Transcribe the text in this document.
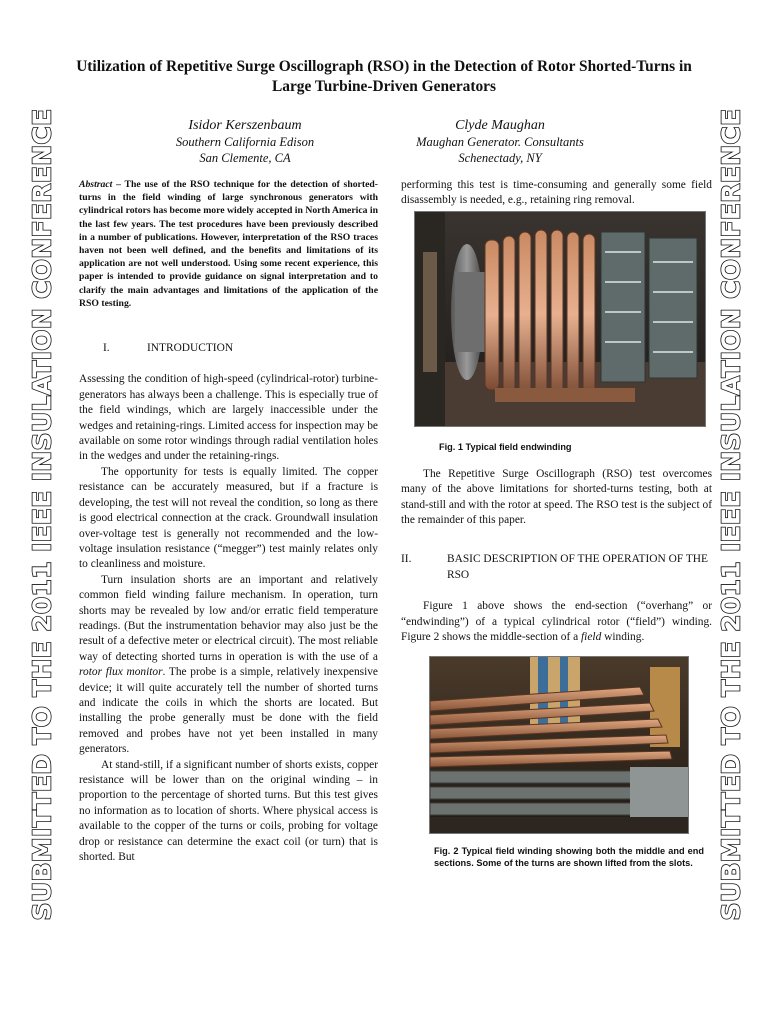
Utilization of Repetitive Surge Oscillograph (RSO) in the Detection of Rotor Shorted-Turns in Large Turbine-Driven Generators
Isidor Kerszenbaum
Southern California Edison
San Clemente, CA
Clyde Maughan
Maughan Generator. Consultants
Schenectady, NY

Abstract – The use of the RSO technique for the detection of shorted-turns in the field winding of large synchronous generators with cylindrical rotors has become more widely accepted in North America in the last few years. The test procedures have been previously described in a number of publications. However, interpretation of the RSO traces haven not been well defined, and the benefits and limitations of its application are not well understood. Using some recent experience, this paper is intended to provide guidance on signal interpretation and to clarify the main advantages and limitations of the application of the RSO testing.

I.	INTRODUCTION

Assessing the condition of high-speed (cylindrical-rotor) turbine-generators has always been a challenge. This is especially true of the field windings, which are largely inaccessible under the wedges and retaining-rings. Limited access for inspection may be available on some rotor windings through radial ventilation holes in the wedges and under the retaining-rings.

The opportunity for tests is equally limited. The copper resistance can be accurately measured, but if a fracture is developing, the test will not reveal the condition, so long as there is good electrical connection at the crack. Groundwall insulation over-voltage test is generally not recommended and the low-voltage insulation resistance (“megger”) test mainly relates only to cleanliness and moisture.

Turn insulation shorts are an important and relatively common field winding failure mechanism. In operation, turn shorts may be revealed by low and/or erratic field temperature readings. (But the instrumentation behavior may also just be the result of a defective meter or electrical circuit). The most reliable way of detecting shorted turns in operation is with the use of a rotor flux monitor. The probe is a simple, relatively inexpensive device; it will quite accurately tell the number of shorted turns and indicate the coils in which the shorts are located. But installing the probe generally must be done with the field removed and probes have not yet been installed in many generators.

At stand-still, if a significant number of shorts exists, copper resistance will be lower than on the original winding – in proportion to the percentage of shorted turns. But this test gives no information as to location of shorts. Where physical access is available to the copper of the turns or coils, probing for voltage drop or resistance can determine the exact coil (or turn) that is shorted. But

performing this test is time-consuming and generally some field disassembly is needed, e.g., retaining ring removal.

Fig. 1 Typical field endwinding

The Repetitive Surge Oscillograph (RSO) test overcomes many of the above limitations for shorted-turns testing, both at stand-still and with the rotor at speed. The RSO test is the subject of the remainder of this paper.

II.	BASIC DESCRIPTION OF THE OPERATION OF THE RSO

Figure 1 above shows the end-section (“overhang” or “endwinding”) of a typical cylindrical rotor (“field”) winding. Figure 2 shows the middle-section of a field winding.

Fig. 2 Typical field winding showing both the middle and end sections. Some of the turns are shown lifted from the slots.
SUBMITTED TO THE 2011 IEEE INSULATION CONFERENCE	SUBMITTED TO THE 2011 IEEE INSULATION CONFERENCE
